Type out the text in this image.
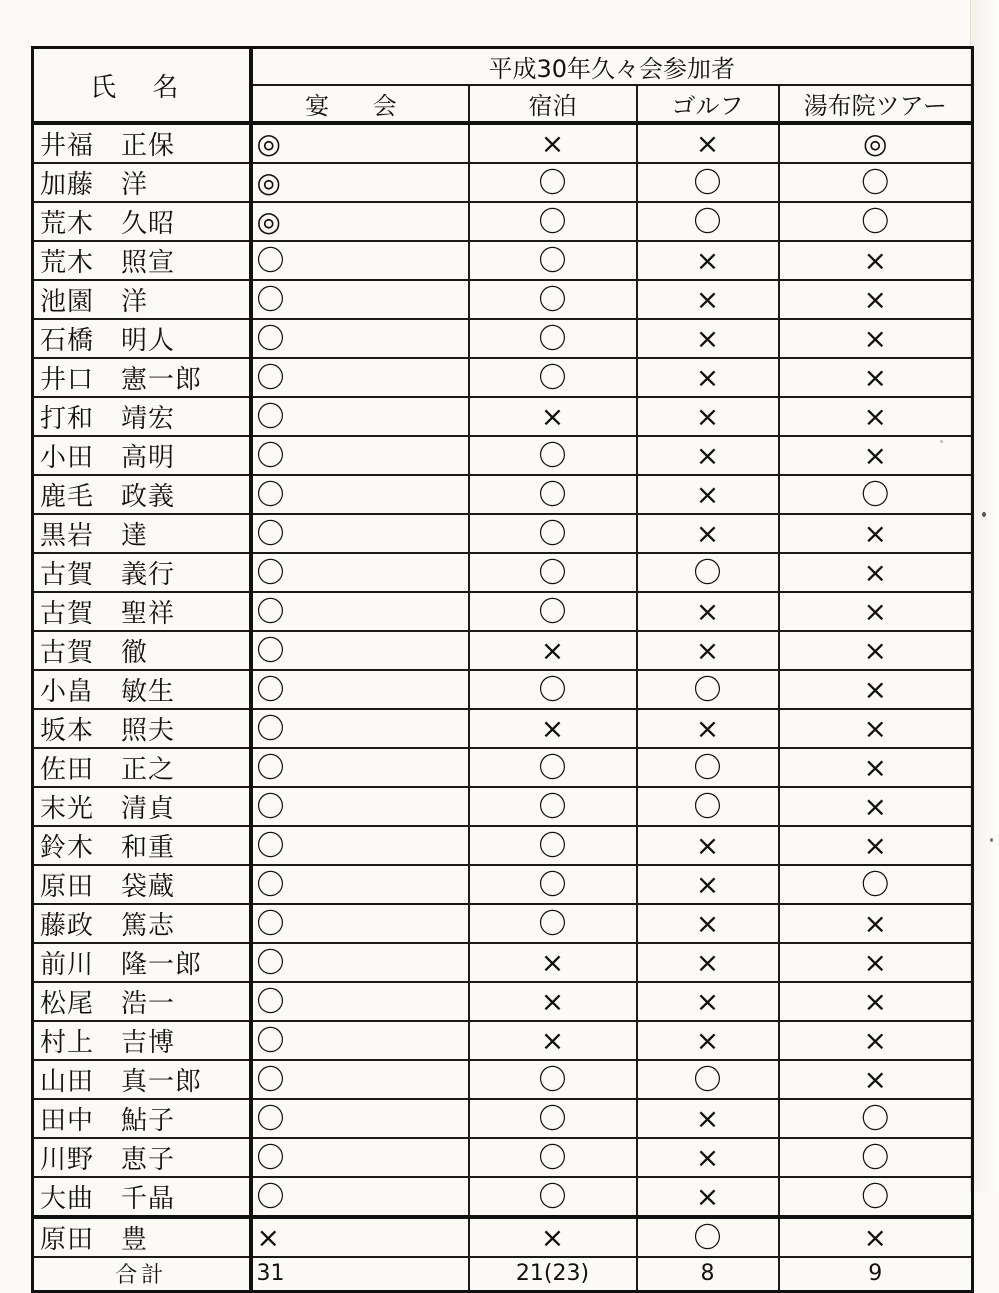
氏 名	平成30年久々会参加者			
	宴 会	宿泊	ゴルフ	湯布院ツアー
井福　正保	◎	×	×	◎
加藤　洋	◎	〇	〇	〇
荒木　久昭	◎	〇	〇	〇
荒木　照宣	〇	〇	×	×
池園　洋	〇	〇	×	×
石橋　明人	〇	〇	×	×
井口　憲一郎	〇	〇	×	×
打和　靖宏	〇	×	×	×
小田　高明	〇	〇	×	×
鹿毛　政義	〇	〇	×	〇
黒岩　達	〇	〇	×	×
古賀　義行	〇	〇	〇	×
古賀　聖祥	〇	〇	×	×
古賀　徹	〇	×	×	×
小畠　敏生	〇	〇	〇	×
坂本　照夫	〇	×	×	×
佐田　正之	〇	〇	〇	×
末光　清貞	〇	〇	〇	×
鈴木　和重	〇	〇	×	×
原田　袋蔵	〇	〇	×	〇
藤政　篤志	〇	〇	×	×
前川　隆一郎	〇	×	×	×
松尾　浩一	〇	×	×	×
村上　吉博	〇	×	×	×
山田　真一郎	〇	〇	〇	×
田中　鮎子	〇	〇	×	〇
川野　恵子	〇	〇	×	〇
大曲　千晶	〇	〇	×	〇
原田　豊	×	×	〇	×
合計	31	21(23)	8	9
